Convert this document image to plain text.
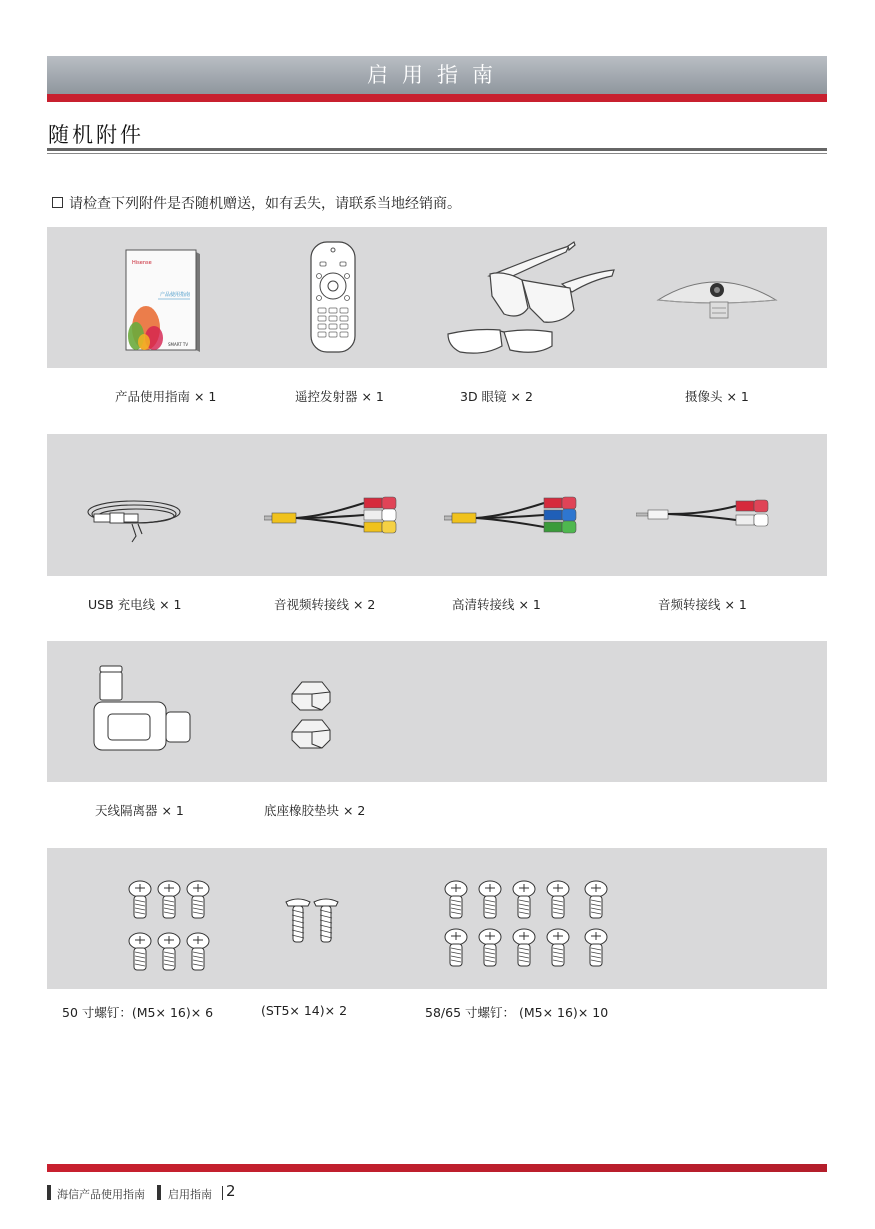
启用指南
随机附件
请检查下列附件是否随机赠送，如有丢失，请联系当地经销商。
Hisense
产品使用指南
SMART TV
产品使用指南 × 1	遥控发射器 × 1	3D 眼镜 × 2	摄像头 × 1
USB 充电线 × 1	音视频转接线 × 2	高清转接线 × 1	音频转接线 × 1
天线隔离器 × 1	底座橡胶垫块 × 2
50 寸螺钉：(M5× 16)× 6	(ST5× 14)× 2	58/65 寸螺钉： (M5× 16)× 10
海信产品使用指南 启用指南 2
